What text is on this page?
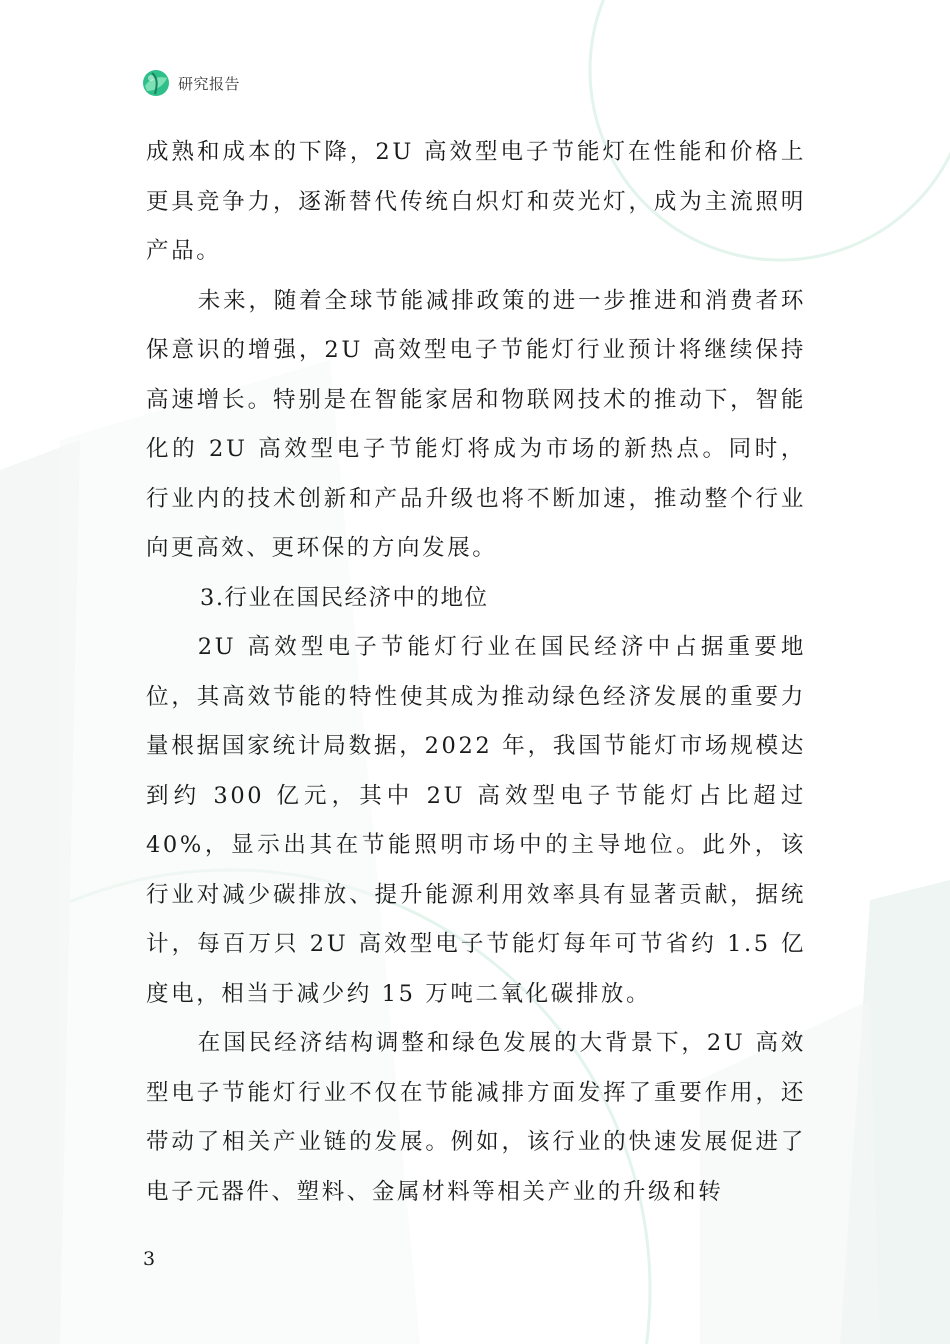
研究报告

成熟和成本的下降，2U 高效型电子节能灯在性能和价格上更具竞争力，逐渐替代传统白炽灯和荧光灯，成为主流照明产品。

未来，随着全球节能减排政策的进一步推进和消费者环保意识的增强，2U 高效型电子节能灯行业预计将继续保持高速增长。特别是在智能家居和物联网技术的推动下，智能化的 2U 高效型电子节能灯将成为市场的新热点。同时，行业内的技术创新和产品升级也将不断加速，推动整个行业向更高效、更环保的方向发展。

3.行业在国民经济中的地位

2U 高效型电子节能灯行业在国民经济中占据重要地位，其高效节能的特性使其成为推动绿色经济发展的重要力量根据国家统计局数据，2022 年，我国节能灯市场规模达到约 300 亿元，其中 2U 高效型电子节能灯占比超过 40%，显示出其在节能照明市场中的主导地位。此外，该行业对减少碳排放、提升能源利用效率具有显著贡献，据统计，每百万只 2U 高效型电子节能灯每年可节省约 1.5 亿度电，相当于减少约 15 万吨二氧化碳排放。

在国民经济结构调整和绿色发展的大背景下，2U 高效型电子节能灯行业不仅在节能减排方面发挥了重要作用，还带动了相关产业链的发展。例如，该行业的快速发展促进了电子元器件、塑料、金属材料等相关产业的升级和转

3
